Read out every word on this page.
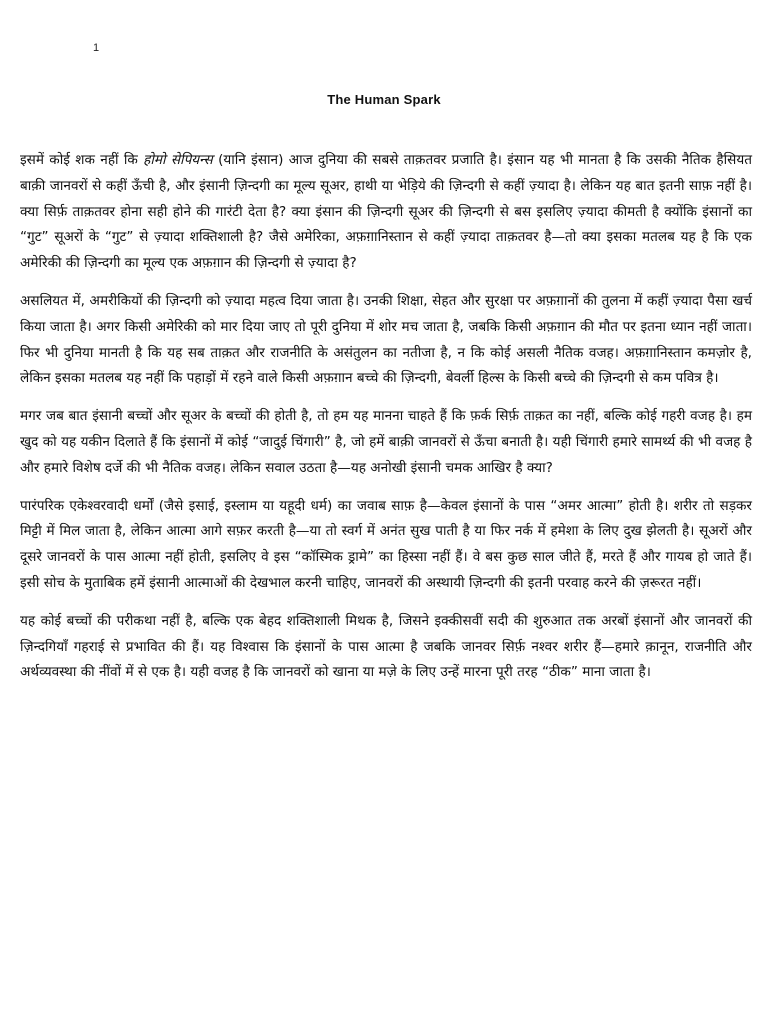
1
The Human Spark

इसमें कोई शक नहीं कि होमो सेपियन्स (यानि इंसान) आज दुनिया की सबसे ताक़तवर प्रजाति है। इंसान यह भी मानता है कि उसकी नैतिक हैसियत बाक़ी जानवरों से कहीं ऊँची है, और इंसानी ज़िन्दगी का मूल्य सूअर, हाथी या भेड़िये की ज़िन्दगी से कहीं ज़्यादा है। लेकिन यह बात इतनी साफ़ नहीं है। क्या सिर्फ़ ताक़तवर होना सही होने की गारंटी देता है? क्या इंसान की ज़िन्दगी सूअर की ज़िन्दगी से बस इसलिए ज़्यादा कीमती है क्योंकि इंसानों का “गुट” सूअरों के “गुट” से ज़्यादा शक्तिशाली है? जैसे अमेरिका, अफ़ग़ानिस्तान से कहीं ज़्यादा ताक़तवर है—तो क्या इसका मतलब यह है कि एक अमेरिकी की ज़िन्दगी का मूल्य एक अफ़ग़ान की ज़िन्दगी से ज़्यादा है?

असलियत में, अमरीकियों की ज़िन्दगी को ज़्यादा महत्व दिया जाता है। उनकी शिक्षा, सेहत और सुरक्षा पर अफ़ग़ानों की तुलना में कहीं ज़्यादा पैसा खर्च किया जाता है। अगर किसी अमेरिकी को मार दिया जाए तो पूरी दुनिया में शोर मच जाता है, जबकि किसी अफ़ग़ान की मौत पर इतना ध्यान नहीं जाता। फिर भी दुनिया मानती है कि यह सब ताक़त और राजनीति के असंतुलन का नतीजा है, न कि कोई असली नैतिक वजह। अफ़ग़ानिस्तान कमज़ोर है, लेकिन इसका मतलब यह नहीं कि पहाड़ों में रहने वाले किसी अफ़ग़ान बच्चे की ज़िन्दगी, बेवर्ली हिल्स के किसी बच्चे की ज़िन्दगी से कम पवित्र है।

मगर जब बात इंसानी बच्चों और सूअर के बच्चों की होती है, तो हम यह मानना चाहते हैं कि फ़र्क सिर्फ़ ताक़त का नहीं, बल्कि कोई गहरी वजह है। हम खुद को यह यकीन दिलाते हैं कि इंसानों में कोई “जादुई चिंगारी” है, जो हमें बाक़ी जानवरों से ऊँचा बनाती है। यही चिंगारी हमारे सामर्थ्य की भी वजह है और हमारे विशेष दर्जे की भी नैतिक वजह। लेकिन सवाल उठता है—यह अनोखी इंसानी चमक आखिर है क्या?

पारंपरिक एकेश्वरवादी धर्मों (जैसे इसाई, इस्लाम या यहूदी धर्म) का जवाब साफ़ है—केवल इंसानों के पास “अमर आत्मा” होती है। शरीर तो सड़कर मिट्टी में मिल जाता है, लेकिन आत्मा आगे सफ़र करती है—या तो स्वर्ग में अनंत सुख पाती है या फिर नर्क में हमेशा के लिए दुख झेलती है। सूअरों और दूसरे जानवरों के पास आत्मा नहीं होती, इसलिए वे इस “कॉस्मिक ड्रामे” का हिस्सा नहीं हैं। वे बस कुछ साल जीते हैं, मरते हैं और गायब हो जाते हैं। इसी सोच के मुताबिक हमें इंसानी आत्माओं की देखभाल करनी चाहिए, जानवरों की अस्थायी ज़िन्दगी की इतनी परवाह करने की ज़रूरत नहीं।

यह कोई बच्चों की परीकथा नहीं है, बल्कि एक बेहद शक्तिशाली मिथक है, जिसने इक्कीसवीं सदी की शुरुआत तक अरबों इंसानों और जानवरों की ज़िन्दगियाँ गहराई से प्रभावित की हैं। यह विश्वास कि इंसानों के पास आत्मा है जबकि जानवर सिर्फ़ नश्वर शरीर हैं—हमारे क़ानून, राजनीति और अर्थव्यवस्था की नींवों में से एक है। यही वजह है कि जानवरों को खाना या मज़े के लिए उन्हें मारना पूरी तरह “ठीक” माना जाता है।
